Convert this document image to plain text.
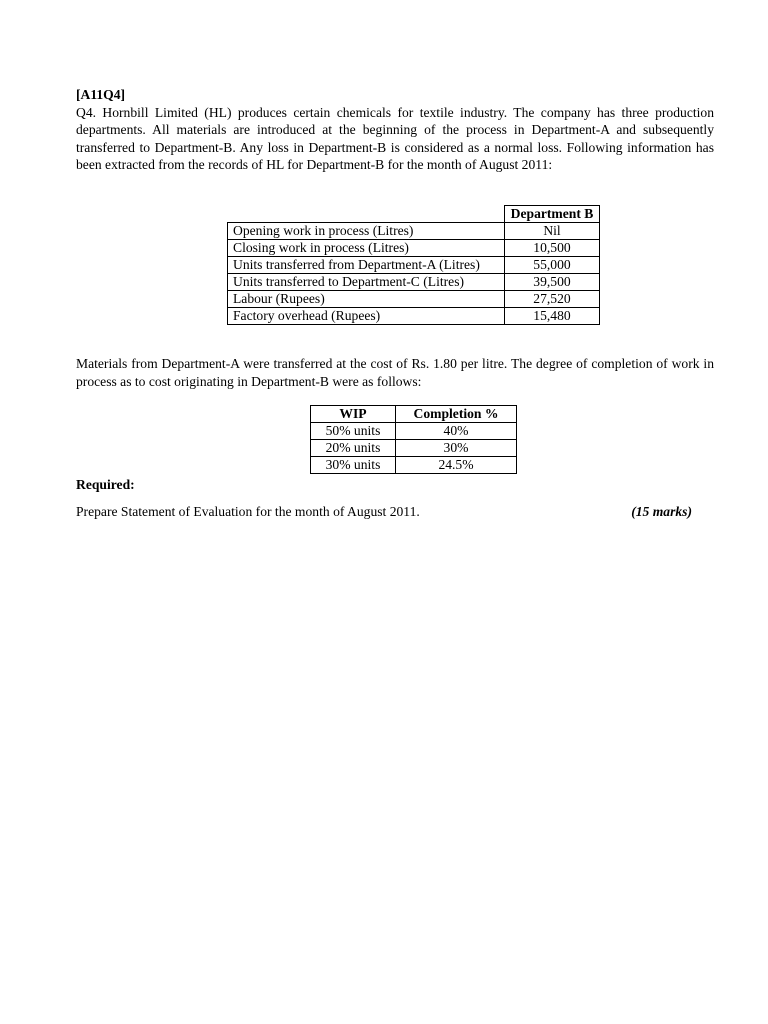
[A11Q4]

Q4. Hornbill Limited (HL) produces certain chemicals for textile industry. The company has three production departments. All materials are introduced at the beginning of the process in Department-A and subsequently transferred to Department-B. Any loss in Department-B is considered as a normal loss. Following information has been extracted from the records of HL for Department-B for the month of August 2011:

	Department B
Opening work in process (Litres)	Nil
Closing work in process (Litres)	10,500
Units transferred from Department-A (Litres)	55,000
Units transferred to Department-C (Litres)	39,500
Labour (Rupees)	27,520
Factory overhead (Rupees)	15,480

Materials from Department-A were transferred at the cost of Rs. 1.80 per litre. The degree of completion of work in process as to cost originating in Department-B were as follows:

WIP	Completion %
50% units	40%
20% units	30%
30% units	24.5%

Required:

Prepare Statement of Evaluation for the month of August 2011.	(15 marks)
